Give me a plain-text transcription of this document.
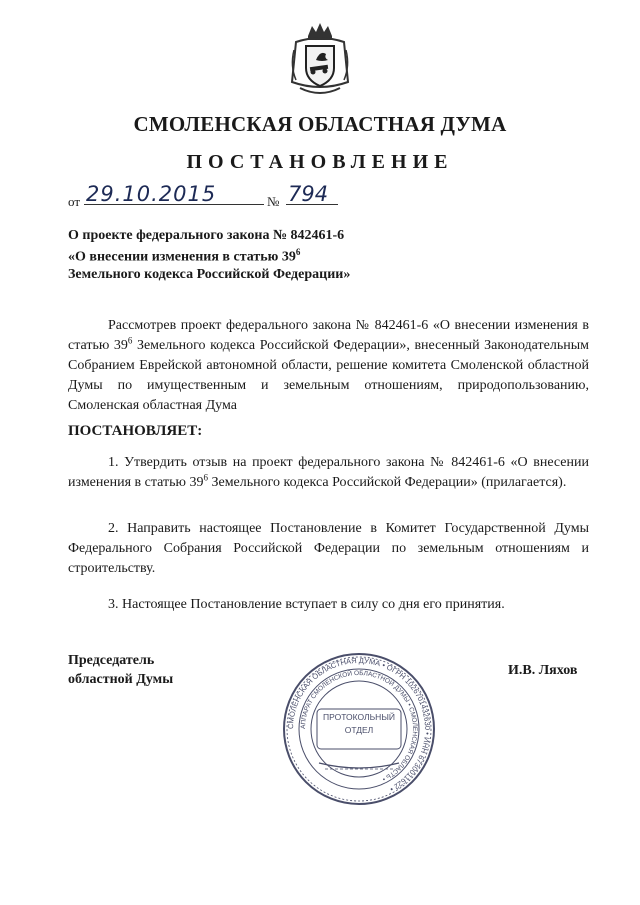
СМОЛЕНСКАЯ ОБЛАСТНАЯ ДУМА
ПОСТАНОВЛЕНИЕ
от 29.10.2015	№ 794
О проекте федерального закона № 842461-6
«О внесении изменения в статью $39^6$
Земельного кодекса Российской Федерации»
Рассмотрев проект федерального закона № 842461-6 «О внесении изменения в статью $39^6$ Земельного кодекса Российской Федерации», внесенный Законодательным Собранием Еврейской автономной области, решение комитета Смоленской областной Думы по имущественным и земельным отношениям, природопользованию, Смоленская областная Дума
ПОСТАНОВЛЯЕТ:
1. Утвердить отзыв на проект федерального закона № 842461-6 «О внесении изменения в статью $39^6$ Земельного кодекса Российской Федерации» (прилагается).
2. Направить настоящее Постановление в Комитет Государственной Думы Федерального Собрания Российской Федерации по земельным отношениям и строительству.
3. Настоящее Постановление вступает в силу со дня его принятия.
Председатель
областной Думы
СМОЛЕНСКАЯ ОБЛАСТНАЯ ДУМА • ОГРН 1026701432630 • ИНН 6730011622 •
АППАРАТ СМОЛЕНСКОЙ ОБЛАСТНОЙ ДУМЫ • СМОЛЕНСКАЯ ОБЛАСТЬ •
ПРОТОКОЛЬНЫЙ
ОТДЕЛ
И.В. Ляхов
